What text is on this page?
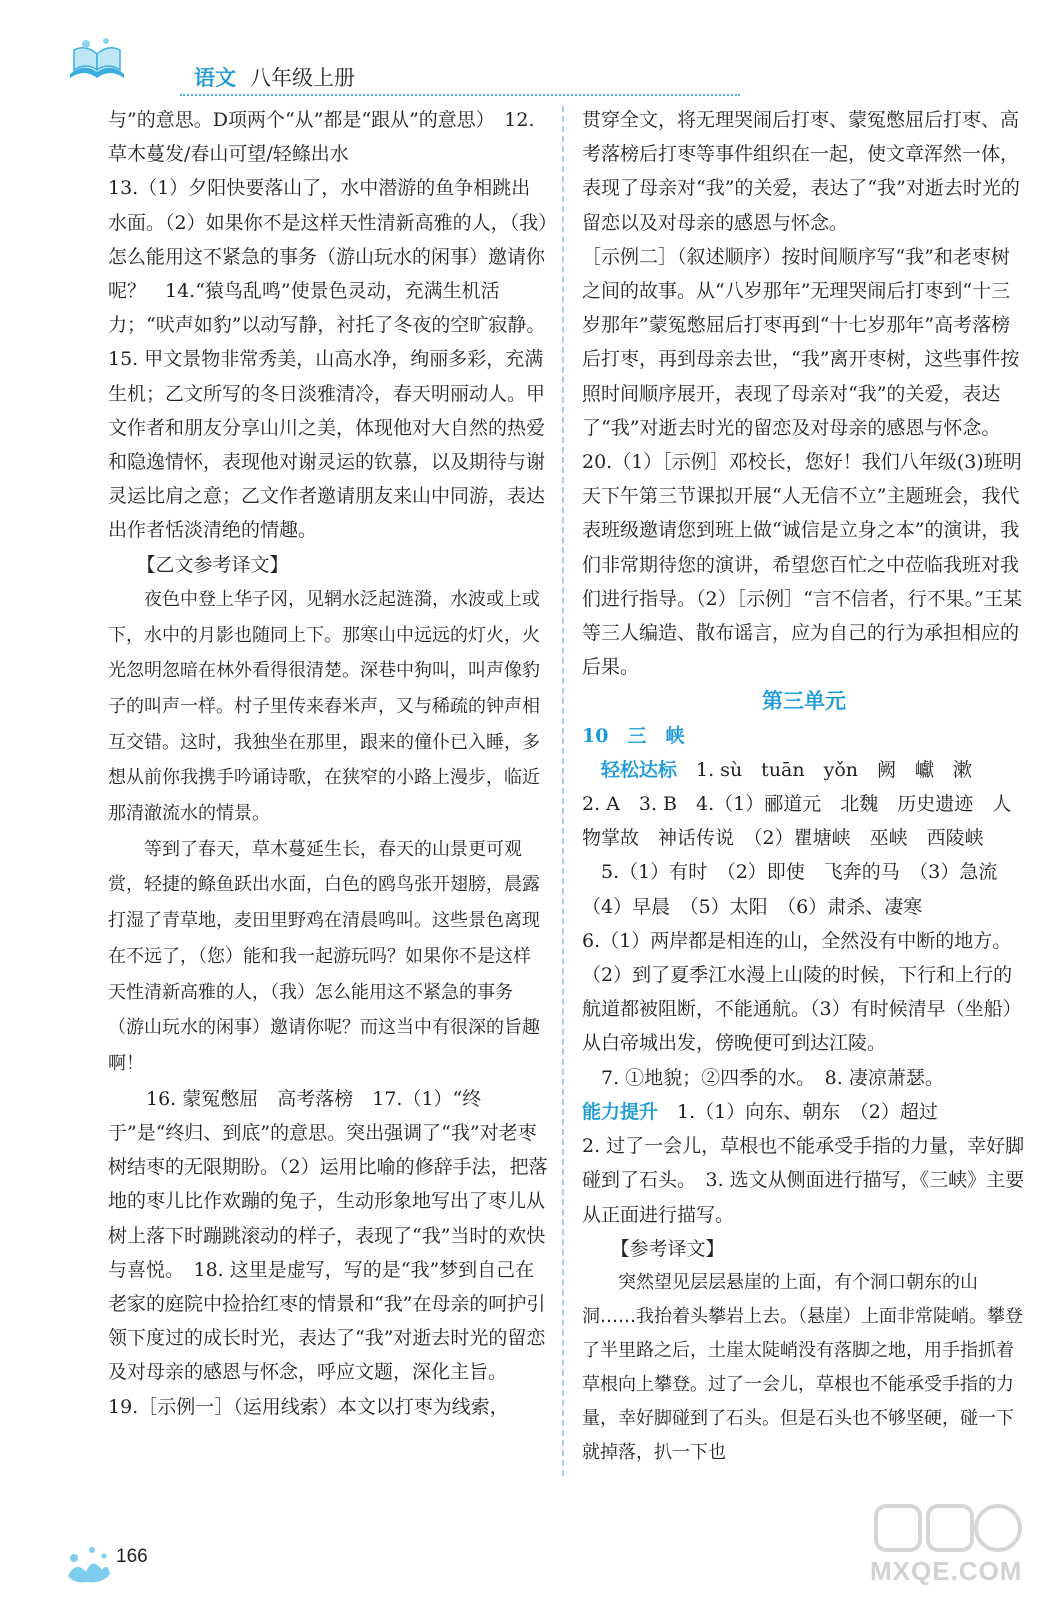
语文 八年级上册

与”的意思。D项两个“从”都是“跟从”的意思）　12. 草木蔓发/春山可望/轻鲦出水

13.（1）夕阳快要落山了，水中潜游的鱼争相跳出水面。（2）如果你不是这样天性清新高雅的人，（我）怎么能用这不紧急的事务（游山玩水的闲事）邀请你呢？　14.“猿鸟乱鸣”使景色灵动，充满生机活力；“吠声如豹”以动写静，衬托了冬夜的空旷寂静。　15. 甲文景物非常秀美，山高水净，绚丽多彩，充满生机；乙文所写的冬日淡雅清冷，春天明丽动人。甲文作者和朋友分享山川之美，体现他对大自然的热爱和隐逸情怀，表现他对谢灵运的钦慕，以及期待与谢灵运比肩之意；乙文作者邀请朋友来山中同游，表达出作者恬淡清绝的情趣。

【乙文参考译文】

夜色中登上华子冈，见辋水泛起涟漪，水波或上或下，水中的月影也随同上下。那寒山中远远的灯火，火光忽明忽暗在林外看得很清楚。深巷中狗叫，叫声像豹子的叫声一样。村子里传来舂米声，又与稀疏的钟声相互交错。这时，我独坐在那里，跟来的僮仆已入睡，多想从前你我携手吟诵诗歌，在狭窄的小路上漫步，临近那清澈流水的情景。

等到了春天，草木蔓延生长，春天的山景更可观赏，轻捷的鲦鱼跃出水面，白色的鸥鸟张开翅膀，晨露打湿了青草地，麦田里野鸡在清晨鸣叫。这些景色离现在不远了，（您）能和我一起游玩吗？如果你不是这样天性清新高雅的人，（我）怎么能用这不紧急的事务（游山玩水的闲事）邀请你呢？而这当中有很深的旨趣啊！

16. 蒙冤憋屈　高考落榜　17.（1）“终于”是“终归、到底”的意思。突出强调了“我”对老枣树结枣的无限期盼。（2）运用比喻的修辞手法，把落地的枣儿比作欢蹦的兔子，生动形象地写出了枣儿从树上落下时蹦跳滚动的样子，表现了“我”当时的欢快与喜悦。　18. 这里是虚写，写的是“我”梦到自己在老家的庭院中捡拾红枣的情景和“我”在母亲的呵护引领下度过的成长时光，表达了“我”对逝去时光的留恋及对母亲的感恩与怀念，呼应文题，深化主旨。

19.［示例一］（运用线索）本文以打枣为线索，

贯穿全文，将无理哭闹后打枣、蒙冤憋屈后打枣、高考落榜后打枣等事件组织在一起，使文章浑然一体，表现了母亲对“我”的关爱，表达了“我”对逝去时光的留恋以及对母亲的感恩与怀念。

［示例二］（叙述顺序）按时间顺序写“我”和老枣树之间的故事。从“八岁那年”无理哭闹后打枣到“十三岁那年”蒙冤憋屈后打枣再到“十七岁那年”高考落榜后打枣，再到母亲去世，“我”离开枣树，这些事件按照时间顺序展开，表现了母亲对“我”的关爱，表达了“我”对逝去时光的留恋及对母亲的感恩与怀念。　20.（1）［示例］邓校长，您好！我们八年级(3)班明天下午第三节课拟开展“人无信不立”主题班会，我代表班级邀请您到班上做“诚信是立身之本”的演讲，我们非常期待您的演讲，希望您百忙之中莅临我班对我们进行指导。（2）［示例］“言不信者，行不果。”王某等三人编造、散布谣言，应为自己的行为承担相应的后果。

第三单元

10　三　峡

轻松达标　 1. sù　tuān　yǒn　阙　巘　漱

2. A　3. B　4.（1）郦道元　北魏　历史遗迹　人物掌故　神话传说　（2）瞿塘峡　巫峡　西陵峡

5.（1）有时　（2）即使　飞奔的马　（3）急流　（4）早晨　（5）太阳　（6）肃杀、凄寒

6.（1）两岸都是相连的山，全然没有中断的地方。（2）到了夏季江水漫上山陵的时候，下行和上行的航道都被阻断，不能通航。（3）有时候清早（坐船）从白帝城出发，傍晚便可到达江陵。

7. ①地貌；②四季的水。　8. 凄凉萧瑟。

能力提升　 1.（1）向东、朝东　（2）超过

2. 过了一会儿，草根也不能承受手指的力量，幸好脚碰到了石头。　3. 选文从侧面进行描写，《三峡》主要从正面进行描写。

【参考译文】

突然望见层层悬崖的上面，有个洞口朝东的山洞……我抬着头攀岩上去。（悬崖）上面非常陡峭。攀登了半里路之后，土崖太陡峭没有落脚之地，用手指抓着草根向上攀登。过了一会儿，草根也不能承受手指的力量，幸好脚碰到了石头。但是石头也不够坚硬，碰一下就掉落，扒一下也

166	MXQE.COM
